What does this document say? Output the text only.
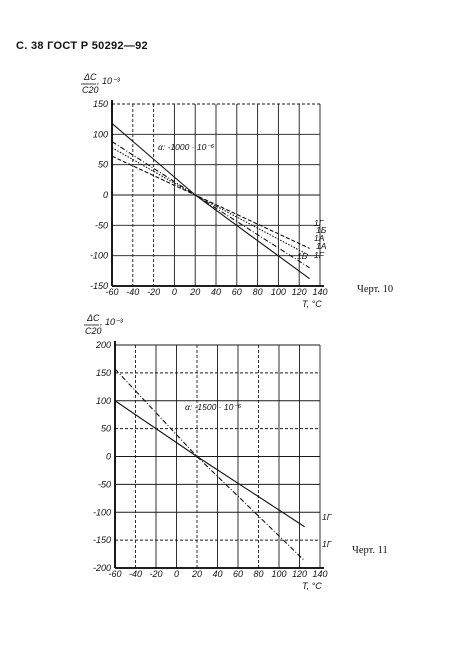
С. 38 ГОСТ Р 50292—92
-60 -40 -20 0 20 40 60 80 100 120 140
150
100
50
0
-50
-100
-150
ΔC
C20
, 10⁻³
T, °C
α: -1000 · 10⁻⁶
1Г
1Б
1А
1А
1F
1Б
-60 -40 -20 0 20 40 60 80 100 120 140
200
150
100
50
0
-50
-100
-150
-200
ΔC
C20
, 10⁻³
T, °C
α: -1500 · 10⁻⁶
1Г
1Г
Черт. 10
Черт. 11
